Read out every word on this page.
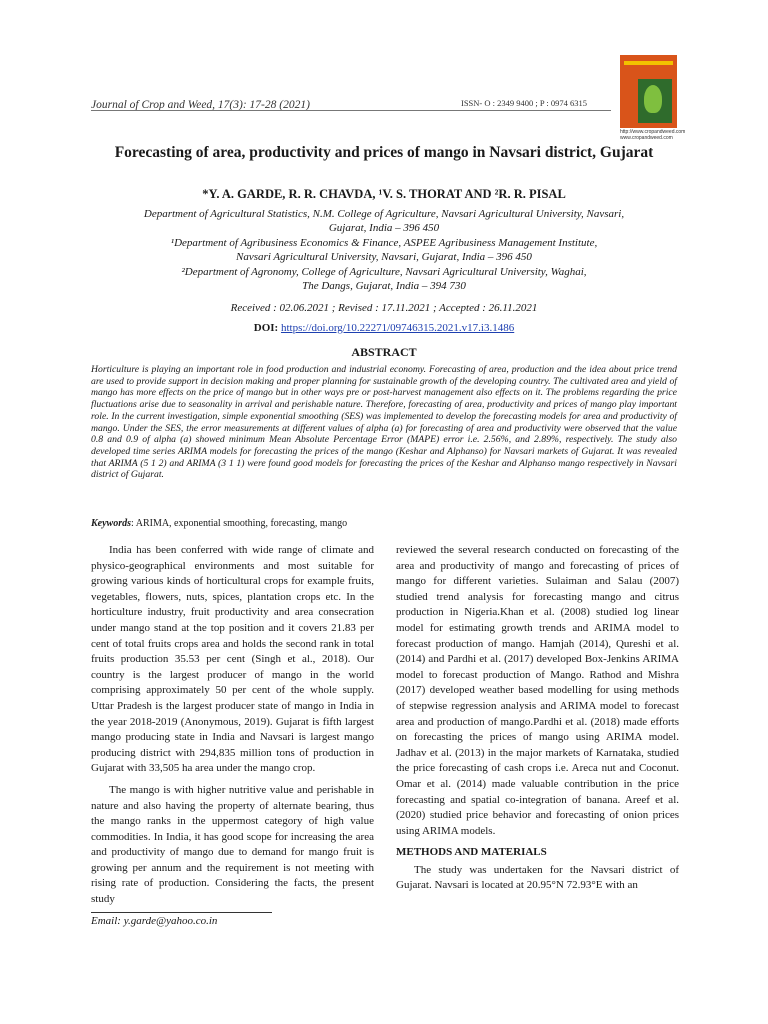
Journal of Crop and Weed, 17(3): 17-28 (2021)	ISSN- O : 2349 9400 ; P : 0974 6315
http://www.cropandweed.com
www.cropandweed.com
Forecasting of area, productivity and prices of mango in Navsari district, Gujarat
*Y. A. GARDE, R. R. CHAVDA, ¹V. S. THORAT AND ²R. R. PISAL
Department of Agricultural Statistics, N.M. College of Agriculture, Navsari Agricultural University, Navsari,
Gujarat, India – 396 450
¹Department of Agribusiness Economics & Finance, ASPEE Agribusiness Management Institute,
Navsari Agricultural University, Navsari, Gujarat, India – 396 450
²Department of Agronomy, College of Agriculture, Navsari Agricultural University, Waghai,
The Dangs, Gujarat, India – 394 730
Received : 02.06.2021 ; Revised : 17.11.2021 ; Accepted : 26.11.2021
DOI: https://doi.org/10.22271/09746315.2021.v17.i3.1486
ABSTRACT
Horticulture is playing an important role in food production and industrial economy. Forecasting of area, production and the idea about price trend are used to provide support in decision making and proper planning for sustainable growth of the developing country. The cultivated area and yield of mango has more effects on the price of mango but in other ways pre or post-harvest management also effects on it. The problems regarding the price fluctuations arise due to seasonality in arrival and perishable nature. Therefore, forecasting of area, productivity and prices of mango play important role. In the current investigation, simple exponential smoothing (SES) was implemented to develop the forecasting models for area and productivity of mango. Under the SES, the error measurements at different values of alpha (a) for forecasting of area and productivity were observed that the value 0.8 and 0.9 of alpha (a) showed minimum Mean Absolute Percentage Error (MAPE) error i.e. 2.56%, and 2.89%, respectively. The study also developed time series ARIMA models for forecasting the prices of the mango (Keshar and Alphanso) for Navsari markets of Gujarat. It was revealed that ARIMA (5 1 2) and ARIMA (3 1 1) were found good models for forecasting the prices of the Keshar and Alphanso mango respectively in Navsari district of Gujarat.
Keywords: ARIMA, exponential smoothing, forecasting, mango

India has been conferred with wide range of climate and physico-geographical environments and most suitable for growing various kinds of horticultural crops for example fruits, vegetables, flowers, nuts, spices, plantation crops etc. In the horticulture industry, fruit productivity and area consecration under mango stand at the top position and it covers 21.83 per cent of total fruits crops area and holds the second rank in total fruits production 35.53 per cent (Singh et al., 2018). Our country is the largest producer of mango in the world comprising approximately 50 per cent of the whole supply. Uttar Pradesh is the largest producer state of mango in India in the year 2018-2019 (Anonymous, 2019). Gujarat is fifth largest mango producing state in India and Navsari is largest mango producing district with 294,835 million tons of production in Gujarat with 33,505 ha area under the mango crop.

The mango is with higher nutritive value and perishable in nature and also having the property of alternate bearing, thus the mango ranks in the uppermost category of high value commodities. In India, it has good scope for increasing the area and productivity of mango due to demand for mango fruit is growing per annum and the requirement is not meeting with rising rate of production. Considering the facts, the present study

reviewed the several research conducted on forecasting of the area and productivity of mango and forecasting of prices of mango for different varieties. Sulaiman and Salau (2007) studied trend analysis for forecasting mango and citrus production in Nigeria.Khan et al. (2008) studied log linear model for estimating growth trends and ARIMA model to forecast production of mango. Hamjah (2014), Qureshi et al. (2014) and Pardhi et al. (2017) developed Box-Jenkins ARIMA model to forecast production of Mango. Rathod and Mishra (2017) developed weather based modelling for using methods of stepwise regression analysis and ARIMA model to forecast area and production of mango.Pardhi et al. (2018) made efforts on forecasting the prices of mango using ARIMA model. Jadhav et al. (2013) in the major markets of Karnataka, studied the price forecasting of cash crops i.e. Areca nut and Coconut. Omar et al. (2014) made valuable contribution in the price forecasting and spatial co-integration of banana. Areef et al. (2020) studied price behavior and forecasting of onion prices using ARIMA models.

METHODS AND MATERIALS

The study was undertaken for the Navsari district of Gujarat. Navsari is located at 20.95°N 72.93°E with an

Email: y.garde@yahoo.co.in
